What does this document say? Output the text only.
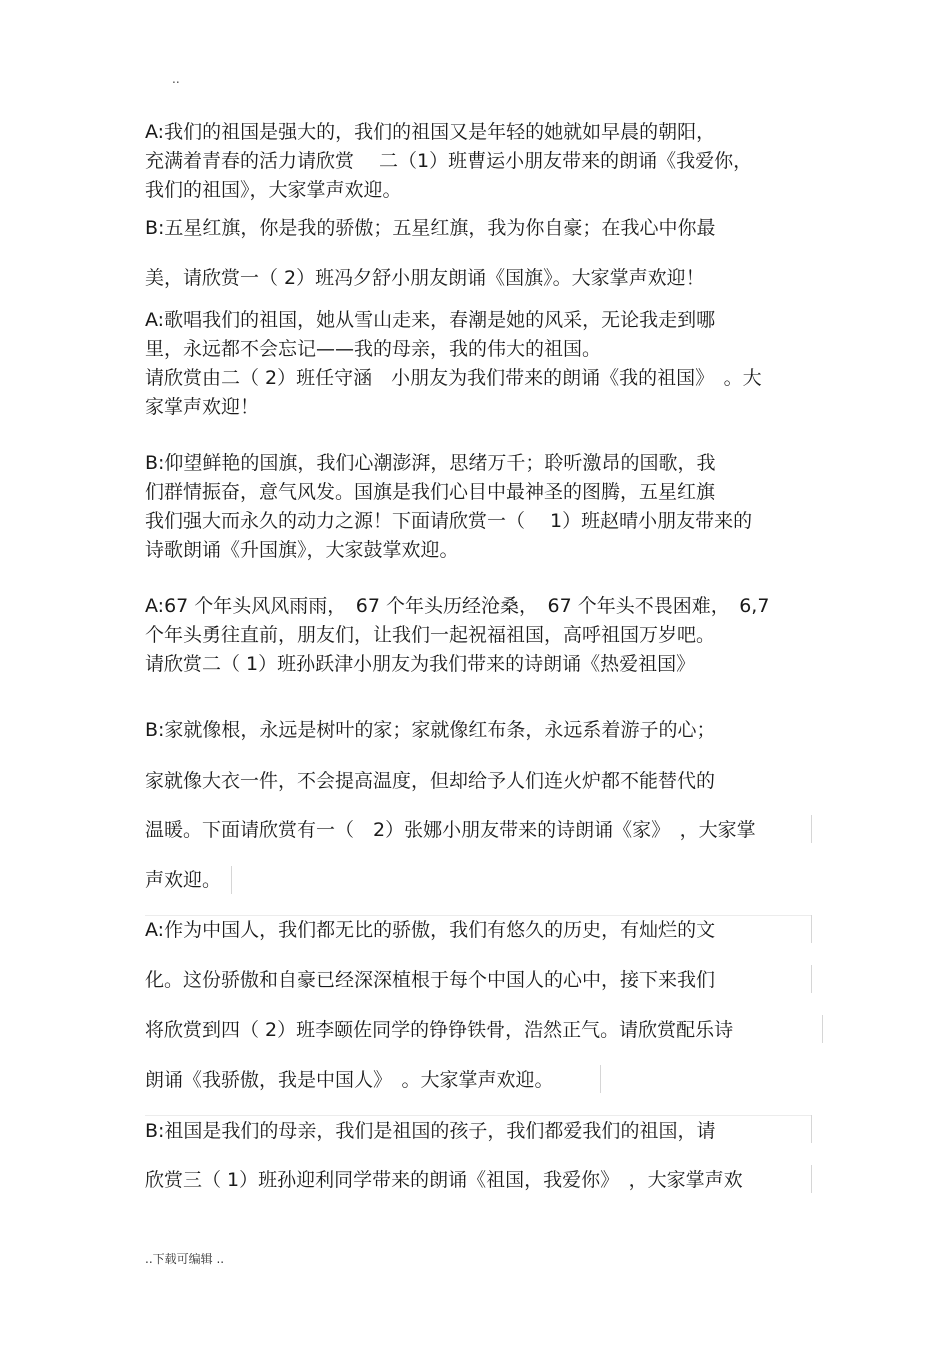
..
A:我们的祖国是强大的，我们的祖国又是年轻的她就如早晨的朝阳，
充满着青春的活力请欣赏　 二（1）班曹运小朋友带来的朗诵《我爱你，
我们的祖国》，大家掌声欢迎。
B:五星红旗，你是我的骄傲；五星红旗，我为你自豪；在我心中你最
美，请欣赏一（ 2）班冯夕舒小朋友朗诵《国旗》。大家掌声欢迎！
A:歌唱我们的祖国，她从雪山走来，春潮是她的风采，无论我走到哪
里，永远都不会忘记——我的母亲，我的伟大的祖国。
请欣赏由二（ 2）班任守涵　小朋友为我们带来的朗诵《我的祖国》　。大
家掌声欢迎！
B:仰望鲜艳的国旗，我们心潮澎湃，思绪万千；聆听激昂的国歌，我
们群情振奋，意气风发。国旗是我们心目中最神圣的图腾，五星红旗
我们强大而永久的动力之源！下面请欣赏一（　 1）班赵晴小朋友带来的
诗歌朗诵《升国旗》，大家鼓掌欢迎。
A:67 个年头风风雨雨，　67 个年头历经沧桑，　67 个年头不畏困难，　6,7
个年头勇往直前，朋友们，让我们一起祝福祖国，高呼祖国万岁吧。
请欣赏二（ 1）班孙跃津小朋友为我们带来的诗朗诵《热爱祖国》
B:家就像根，永远是树叶的家；家就像红布条，永远系着游子的心；
家就像大衣一件，不会提高温度，但却给予人们连火炉都不能替代的
温暖。下面请欣赏有一（　2）张娜小朋友带来的诗朗诵《家》　，大家掌
声欢迎。
A:作为中国人，我们都无比的骄傲，我们有悠久的历史，有灿烂的文
化。这份骄傲和自豪已经深深植根于每个中国人的心中，接下来我们
将欣赏到四（ 2）班李颐佐同学的铮铮铁骨，浩然正气。请欣赏配乐诗
朗诵《我骄傲，我是中国人》　。大家掌声欢迎。
B:祖国是我们的母亲，我们是祖国的孩子，我们都爱我们的祖国，请
欣赏三（ 1）班孙迎利同学带来的朗诵《祖国，我爱你》　，大家掌声欢
..下载可编辑 ..
